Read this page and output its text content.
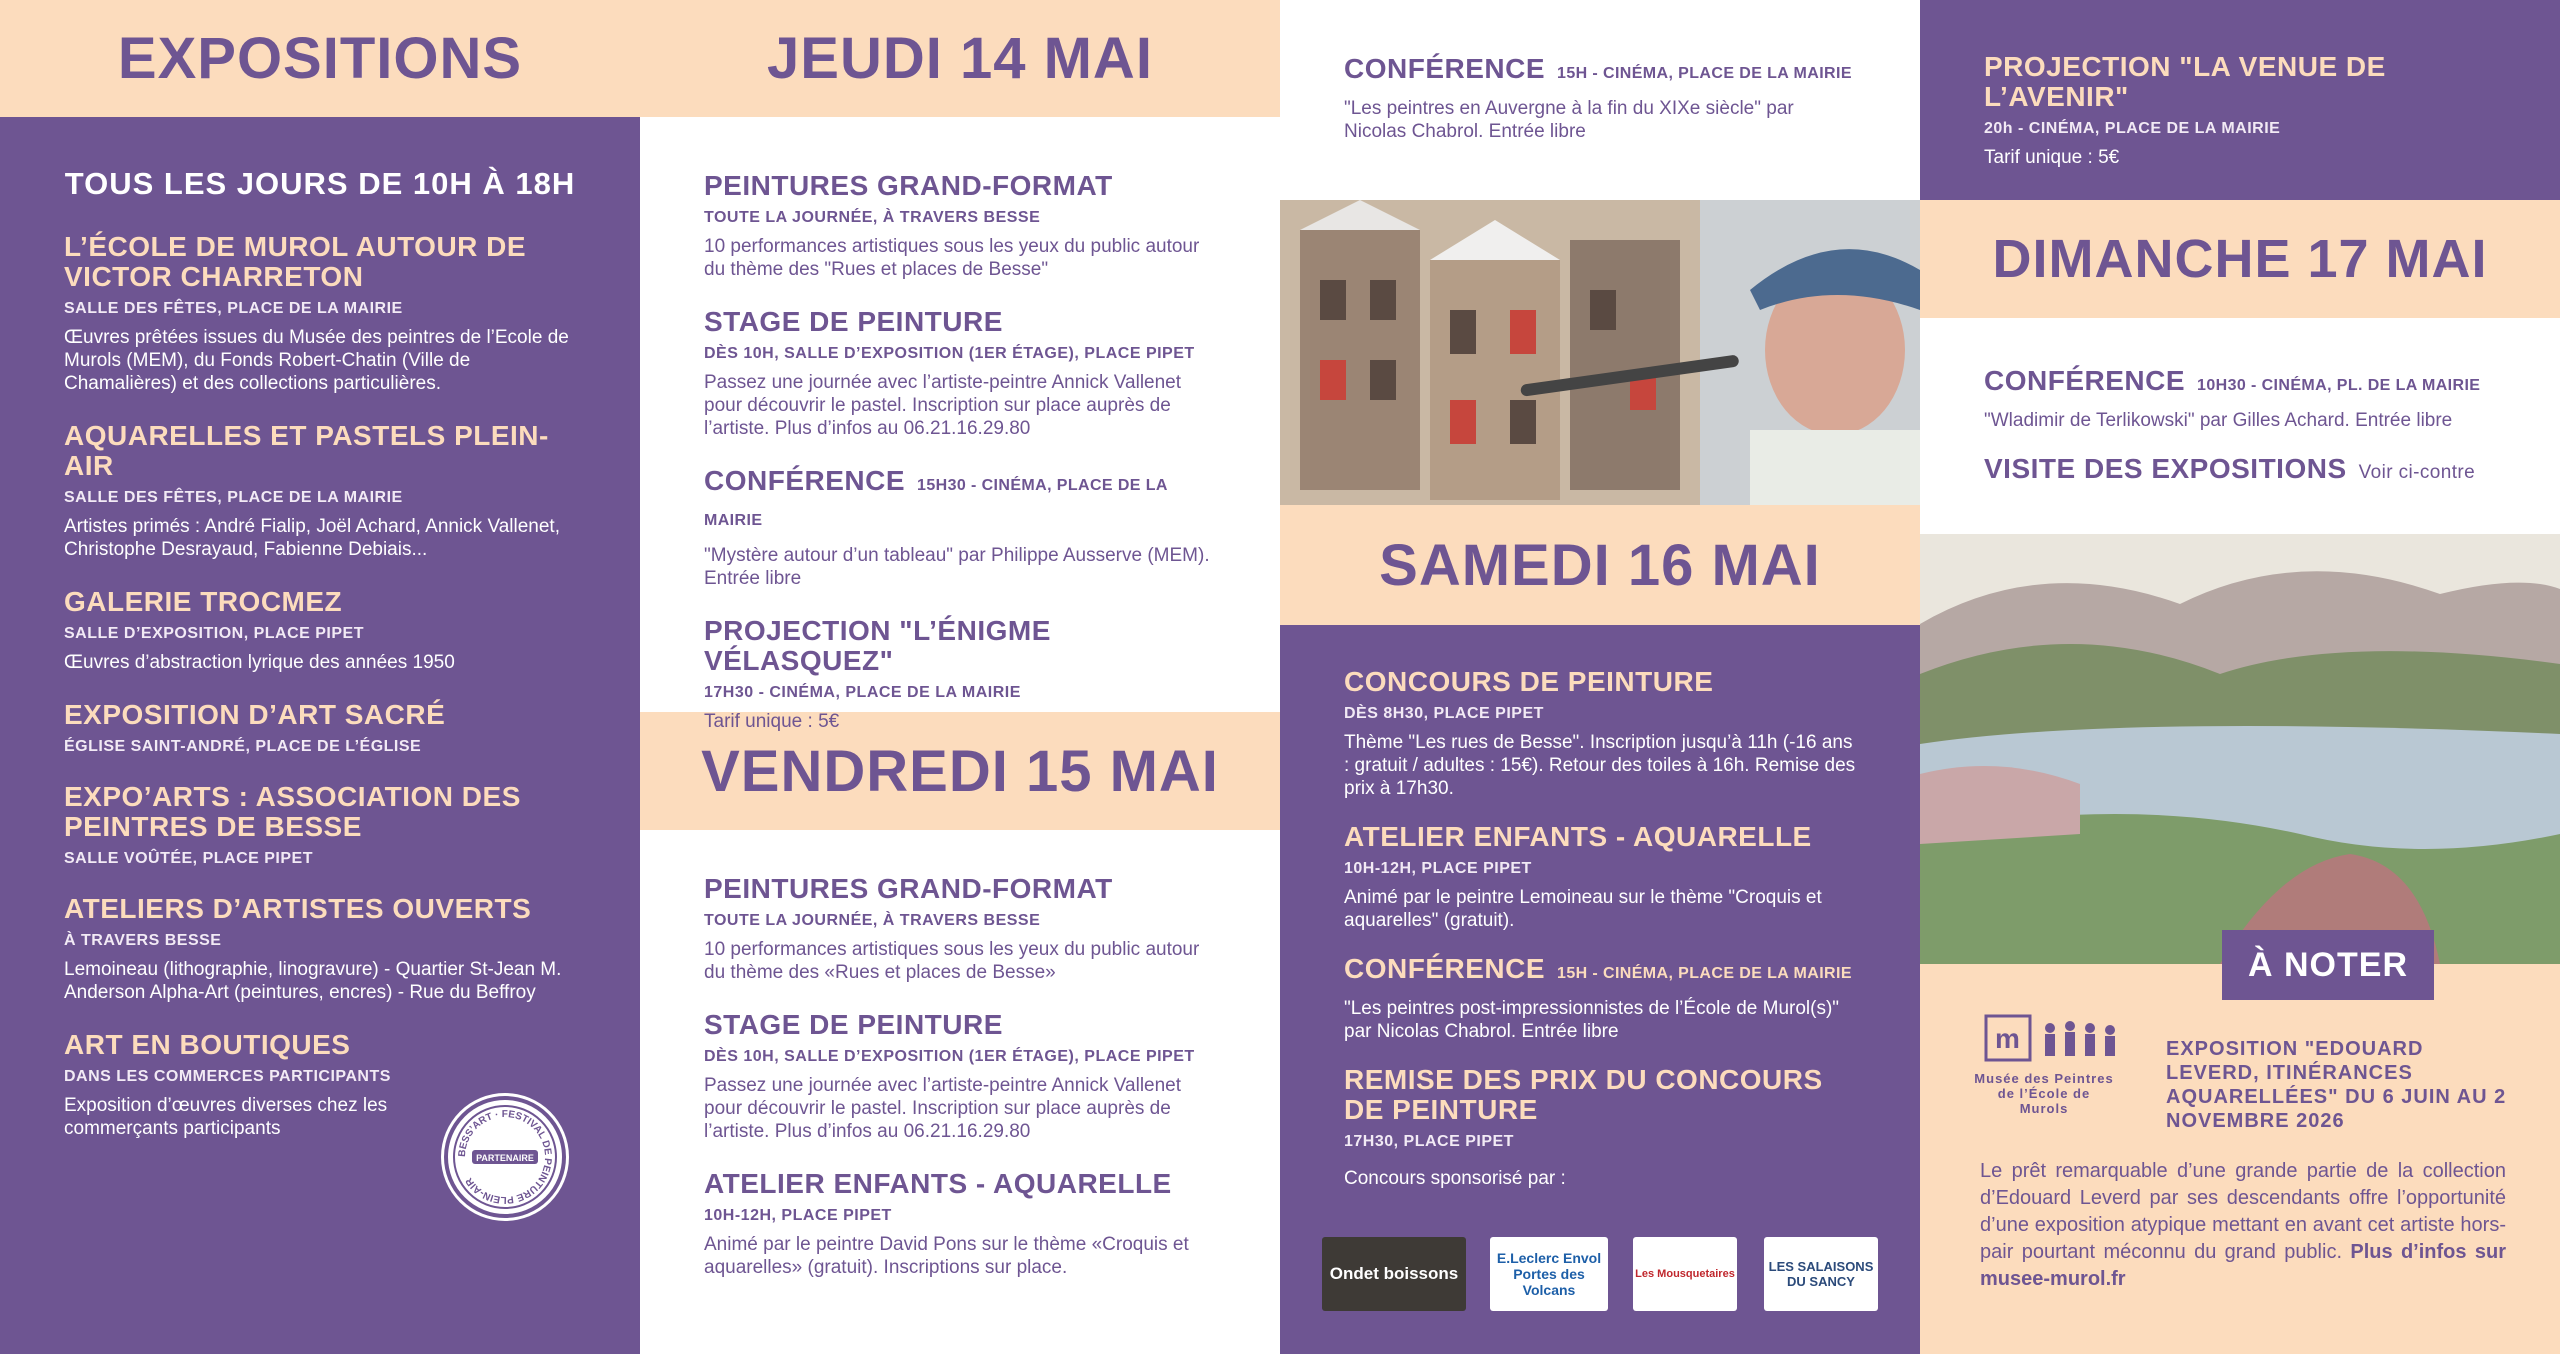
EXPOSITIONS
TOUS LES JOURS DE 10H À 18H

L’ÉCOLE DE MUROL AUTOUR DE VICTOR CHARRETON

SALLE DES FÊTES, PLACE DE LA MAIRIE

Œuvres prêtées issues du Musée des peintres de l’Ecole de Murols (MEM), du Fonds Robert-Chatin (Ville de Chamalières) et des collections particulières.

AQUARELLES ET PASTELS PLEIN-AIR

SALLE DES FÊTES, PLACE DE LA MAIRIE

Artistes primés : André Fialip, Joël Achard, Annick Vallenet, Christophe Desrayaud, Fabienne Debiais...

GALERIE TROCMEZ

SALLE D’EXPOSITION, PLACE PIPET

Œuvres d’abstraction lyrique des années 1950

EXPOSITION D’ART SACRÉ

ÉGLISE SAINT-ANDRÉ, PLACE DE L’ÉGLISE

EXPO’ARTS : ASSOCIATION DES PEINTRES DE BESSE

SALLE VOÛTÉE, PLACE PIPET

ATELIERS D’ARTISTES OUVERTS

À TRAVERS BESSE

Lemoineau (lithographie, linogravure) - Quartier St-Jean M. Anderson Alpha-Art (peintures, encres) - Rue du Beffroy

ART EN BOUTIQUES

DANS LES COMMERCES PARTICIPANTS

Exposition d’œuvres diverses chez les commerçants participants

BESS’ART · FESTIVAL DE PEINTURE PLEIN-AIR
PARTENAIRE
JEUDI 14 MAI

PEINTURES GRAND-FORMAT

TOUTE LA JOURNÉE, À TRAVERS BESSE

10 performances artistiques sous les yeux du public autour du thème des "Rues et places de Besse"

STAGE DE PEINTURE

DÈS 10H, SALLE D’EXPOSITION (1ER ÉTAGE), PLACE PIPET

Passez une journée avec l’artiste-peintre Annick Vallenet pour découvrir le pastel. Inscription sur place auprès de l’artiste. Plus d’infos au 06.21.16.29.80

CONFÉRENCE 15H30 - CINÉMA, PLACE DE LA MAIRIE

"Mystère autour d’un tableau" par Philippe Ausserve (MEM). Entrée libre

PROJECTION "L’ÉNIGME VÉLASQUEZ"

17H30 - CINÉMA, PLACE DE LA MAIRIE

Tarif unique : 5€

VENDREDI 15 MAI

PEINTURES GRAND-FORMAT

TOUTE LA JOURNÉE, À TRAVERS BESSE

10 performances artistiques sous les yeux du public autour du thème des «Rues et places de Besse»

STAGE DE PEINTURE

DÈS 10H, SALLE D’EXPOSITION (1ER ÉTAGE), PLACE PIPET

Passez une journée avec l’artiste-peintre Annick Vallenet pour découvrir le pastel. Inscription sur place auprès de l’artiste. Plus d’infos au 06.21.16.29.80

ATELIER ENFANTS - AQUARELLE

10H-12H, PLACE PIPET

Animé par le peintre David Pons sur le thème «Croquis et aquarelles» (gratuit). Inscriptions sur place.

CONFÉRENCE 15H - CINÉMA, PLACE DE LA MAIRIE

"Les peintres en Auvergne à la fin du XIXe siècle" par Nicolas Chabrol. Entrée libre

SAMEDI 16 MAI

CONCOURS DE PEINTURE

DÈS 8H30, PLACE PIPET

Thème "Les rues de Besse". Inscription jusqu’à 11h (-16 ans : gratuit / adultes : 15€). Retour des toiles à 16h. Remise des prix à 17h30.

ATELIER ENFANTS - AQUARELLE

10H-12H, PLACE PIPET

Animé par le peintre Lemoineau sur le thème "Croquis et aquarelles" (gratuit).

CONFÉRENCE 15H - CINÉMA, PLACE DE LA MAIRIE

"Les peintres post-impressionnistes de l’École de Murol(s)" par Nicolas Chabrol. Entrée libre

REMISE DES PRIX DU CONCOURS DE PEINTURE

17H30, PLACE PIPET

Concours sponsorisé par :

Ondet boissons
E.Leclerc Envol Portes des Volcans
Les Mousquetaires	LES SALAISONS DU SANCY

PROJECTION "LA VENUE DE L’AVENIR"

20h - CINÉMA, PLACE DE LA MAIRIE

Tarif unique : 5€

DIMANCHE 17 MAI

CONFÉRENCE 10H30 - CINÉMA, PL. DE LA MAIRIE

"Wladimir de Terlikowski" par Gilles Achard. Entrée libre

VISITE DES EXPOSITIONS Voir ci-contre

À NOTER
m
Musée des Peintres de l’École de Murols
EXPOSITION "EDOUARD LEVERD, ITINÉRANCES AQUARELLÉES" DU 6 JUIN AU 2 NOVEMBRE 2026
Le prêt remarquable d’une grande partie de la collection d’Edouard Leverd par ses descendants offre l’opportunité d’une exposition atypique mettant en avant cet artiste hors-pair pourtant méconnu du grand public. Plus d’infos sur musee-murol.fr
